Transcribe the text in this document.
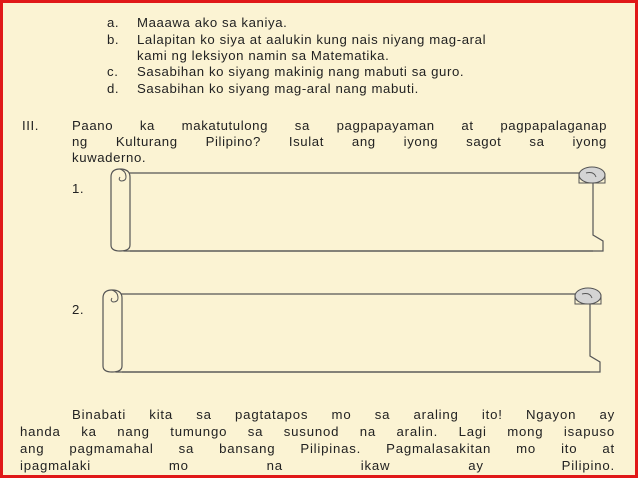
a. Maaawa ako sa kaniya.
b. Lalapitan ko siya at aalukin kung nais niyang mag-aral
kami ng leksiyon namin sa Matematika.
c. Sasabihan ko siyang makinig nang mabuti sa guro.
d. Sasabihan ko siyang mag-aral nang mabuti.
III. Paano ka makatutulong sa pagpapayaman at pagpapalaganap
ng Kulturang Pilipino? Isulat ang iyong sagot sa iyong
kuwaderno.
1.
2.
Binabati kita sa pagtatapos mo sa araling ito! Ngayon ay
handa ka nang tumungo sa susunod na aralin. Lagi mong isapuso
ang pagmamahal sa bansang Pilipinas. Pagmalasakitan mo ito at
ipagmalaki mo na ikaw ay Pilipino.
